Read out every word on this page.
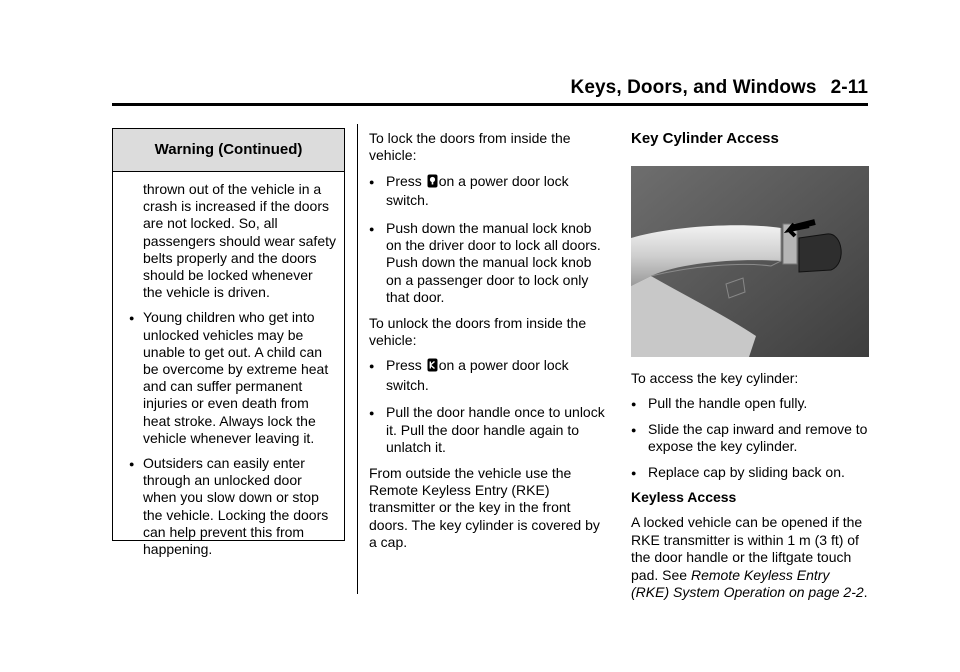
Keys, Doors, and Windows 2-11
Warning (Continued)

thrown out of the vehicle in a crash is increased if the doors are not locked. So, all passengers should wear safety belts properly and the doors should be locked whenever the vehicle is driven.

● Young children who get into unlocked vehicles may be unable to get out. A child can be overcome by extreme heat and can suffer permanent injuries or even death from heat stroke. Always lock the vehicle whenever leaving it.
● Outsiders can easily enter through an unlocked door when you slow down or stop the vehicle. Locking the doors can help prevent this from happening.

To lock the doors from inside the vehicle:

● Press on a power door lock switch.
● Push down the manual lock knob on the driver door to lock all doors. Push down the manual lock knob on a passenger door to lock only that door.

To unlock the doors from inside the vehicle:

● Press on a power door lock switch.
● Pull the door handle once to unlock it. Pull the door handle again to unlatch it.

From outside the vehicle use the Remote Keyless Entry (RKE) transmitter or the key in the front doors. The key cylinder is covered by a cap.

Key Cylinder Access

To access the key cylinder:

● Pull the handle open fully.
● Slide the cap inward and remove to expose the key cylinder.
● Replace cap by sliding back on.

Keyless Access

A locked vehicle can be opened if the RKE transmitter is within 1 m (3 ft) of the door handle or the liftgate touch pad. See Remote Keyless Entry (RKE) System Operation on page 2-2.
